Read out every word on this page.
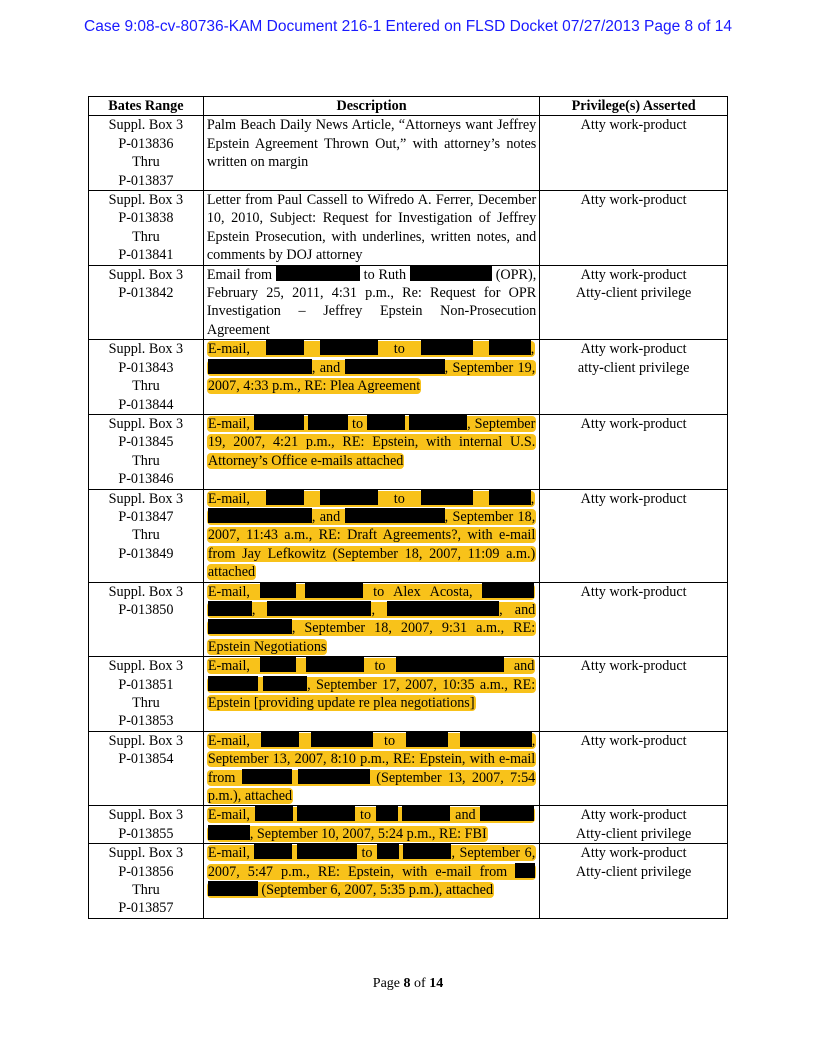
Case 9:08-cv-80736-KAM Document 216-1 Entered on FLSD Docket 07/27/2013 Page 8 of 14
Bates Range	Description	Privilege(s) Asserted
Suppl. Box 3
P-013836
Thru
P-013837	Palm Beach Daily News Article, “Attorneys want Jeffrey Epstein Agreement Thrown Out,” with attorney’s notes written on margin	Atty work-product
Suppl. Box 3
P-013838
Thru
P-013841	Letter from Paul Cassell to Wifredo A. Ferrer, December 10, 2010, Subject: Request for Investigation of Jeffrey Epstein Prosecution, with underlines, written notes, and comments by DOJ attorney	Atty work-product
Suppl. Box 3
P-013842	Email from to Ruth (OPR), February 25, 2011, 4:31 p.m., Re: Request for OPR Investigation – Jeffrey Epstein Non-Prosecution Agreement	Atty work-product
Atty-client privilege
Suppl. Box 3
P-013843
Thru
P-013844	E-mail, to , , and , September 19, 2007, 4:33 p.m., RE: Plea Agreement	Atty work-product
atty-client privilege
Suppl. Box 3
P-013845
Thru
P-013846	E-mail, to , September 19, 2007, 4:21 p.m., RE: Epstein, with internal U.S. Attorney’s Office e-mails attached	Atty work-product
Suppl. Box 3
P-013847
Thru
P-013849	E-mail, to , , and , September 18, 2007, 11:43 a.m., RE: Draft Agreements?, with e-mail from Jay Lefkowitz (September 18, 2007, 11:09 a.m.) attached	Atty work-product
Suppl. Box 3
P-013850	E-mail, to Alex Acosta,  , , , and , September 18, 2007, 9:31 a.m., RE: Epstein Negotiations	Atty work-product
Suppl. Box 3
P-013851
Thru
P-013853	E-mail, to and  , September 17, 2007, 10:35 a.m., RE: Epstein [providing update re plea negotiations]	Atty work-product
Suppl. Box 3
P-013854	E-mail, to , September 13, 2007, 8:10 p.m., RE: Epstein, with e-mail from (September 13, 2007, 7:54 p.m.), attached	Atty work-product
Suppl. Box 3
P-013855	E-mail, to and  , September 10, 2007, 5:24 p.m., RE: FBI	Atty work-product
Atty-client privilege
Suppl. Box 3
P-013856
Thru
P-013857	E-mail, to , September 6, 2007, 5:47 p.m., RE: Epstein, with e-mail from   (September 6, 2007, 5:35 p.m.), attached	Atty work-product
Atty-client privilege
Page 8 of 14
